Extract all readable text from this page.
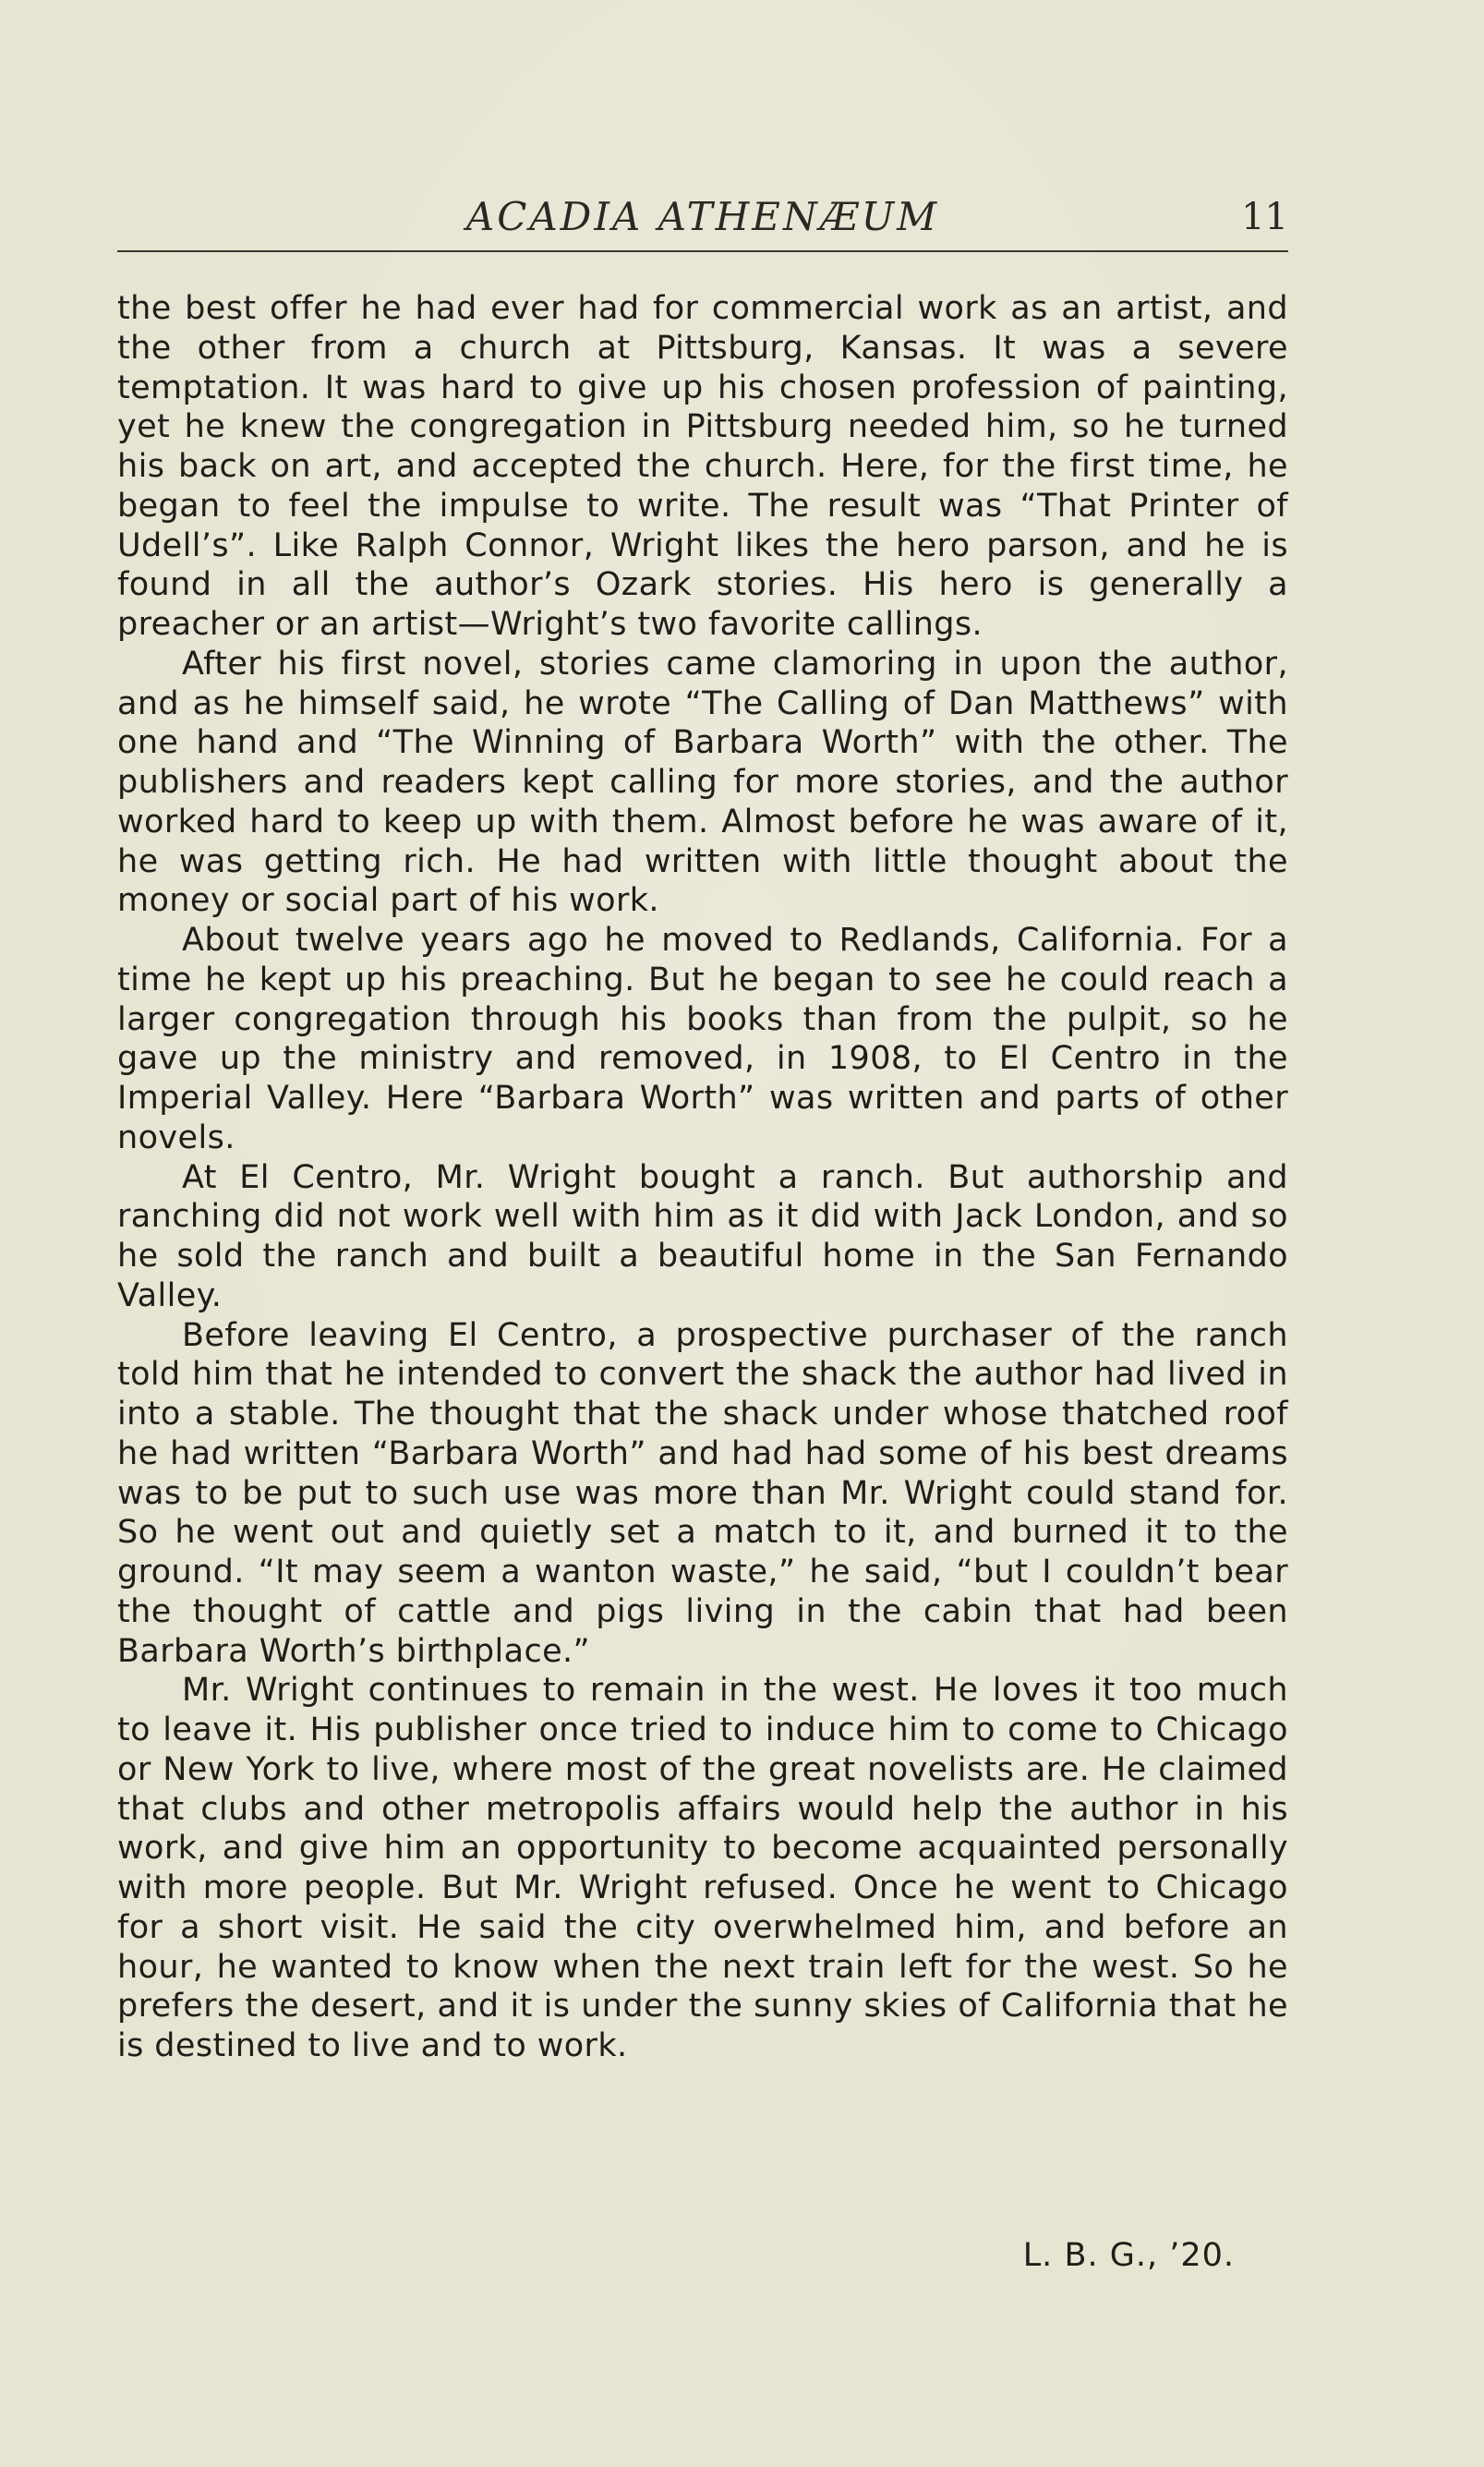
ACADIA ATHENÆUM	11

the best offer he had ever had for commercial work as an artist, and the other from a church at Pittsburg, Kansas. It was a severe temptation. It was hard to give up his chosen profession of painting, yet he knew the congregation in Pittsburg needed him, so he turned his back on art, and accepted the church. Here, for the first time, he began to feel the impulse to write. The result was “That Printer of Udell’s”. Like Ralph Connor, Wright likes the hero parson, and he is found in all the author’s Ozark stories. His hero is generally a preacher or an artist—Wright’s two favorite callings.

After his first novel, stories came clamoring in upon the author, and as he himself said, he wrote “The Calling of Dan Matthews” with one hand and “The Winning of Barbara Worth” with the other. The publishers and readers kept calling for more stories, and the author worked hard to keep up with them. Almost before he was aware of it, he was getting rich. He had written with little thought about the money or social part of his work.

About twelve years ago he moved to Redlands, California. For a time he kept up his preaching. But he began to see he could reach a larger congregation through his books than from the pulpit, so he gave up the ministry and removed, in 1908, to El Centro in the Imperial Valley. Here “Barbara Worth” was written and parts of other novels.

At El Centro, Mr. Wright bought a ranch. But authorship and ranching did not work well with him as it did with Jack London, and so he sold the ranch and built a beautiful home in the San Fernando Valley.

Before leaving El Centro, a prospective purchaser of the ranch told him that he intended to convert the shack the author had lived in into a stable. The thought that the shack under whose thatched roof he had written “Barbara Worth” and had had some of his best dreams was to be put to such use was more than Mr. Wright could stand for. So he went out and quietly set a match to it, and burned it to the ground. “It may seem a wanton waste,” he said, “but I couldn’t bear the thought of cattle and pigs living in the cabin that had been Barbara Worth’s birthplace.”

Mr. Wright continues to remain in the west. He loves it too much to leave it. His publisher once tried to induce him to come to Chicago or New York to live, where most of the great novelists are. He claimed that clubs and other metropolis affairs would help the author in his work, and give him an opportunity to become acquainted personally with more people. But Mr. Wright refused. Once he went to Chicago for a short visit. He said the city overwhelmed him, and before an hour, he wanted to know when the next train left for the west. So he prefers the desert, and it is under the sunny skies of California that he is destined to live and to work.

L. B. G., ’20.
